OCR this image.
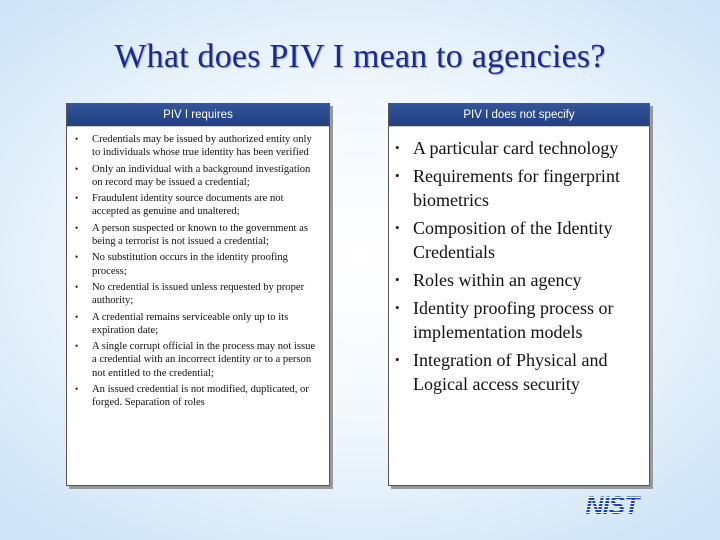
What does PIV I mean to agencies?
PIV I requires
• Credentials may be issued by authorized entity only to individuals whose true identity has been verified
• Only an individual with a background investigation on record may be issued a credential;
• Fraudulent identity source documents are not accepted as genuine and unaltered;
• A person suspected or known to the government as being a terrorist is not issued a credential;
• No substitution occurs in the identity proofing process;
• No credential is issued unless requested by proper authority;
• A credential remains serviceable only up to its expiration date;
• A single corrupt official in the process may not issue a credential with an incorrect identity or to a person not entitled to the credential;
• An issued credential is not modified, duplicated, or forged. Separation of roles
PIV I does not specify
• A particular card technology
• Requirements for fingerprint biometrics
• Composition of the Identity Credentials
• Roles within an agency
• Identity proofing process or implementation models
• Integration of Physical and Logical access security
NIST
